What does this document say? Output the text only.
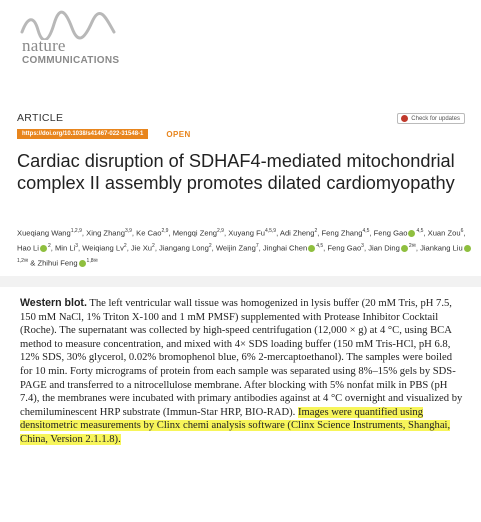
nature
COMMUNICATIONS
ARTICLE	Check for updates
https://doi.org/10.1038/s41467-022-31548-1	OPEN
Cardiac disruption of SDHAF4-mediated mitochondrial complex II assembly promotes dilated cardiomyopathy
Xueqiang Wang$^{1,2,9}$, Xing Zhang$^{3,9}$, Ke Cao$^{2,9}$, Mengqi Zeng$^{2,9}$, Xuyang Fu$^{4,5,9}$, Adi Zheng$^2$, Feng Zhang$^{4,5}$, Feng Gao $^{4,5}$, Xuan Zou$^6$, Hao Li $^2$, Min Li$^3$, Weiqiang Lv$^2$, Jie Xu$^2$, Jiangang Long$^2$, Weijin Zang$^7$, Jinghai Chen $^{4,5}$, Feng Gao$^3$, Jian Ding $^{2✉}$, Jiankang Liu$^{1,2✉}$ & Zhihui Feng $^{1,8✉}$

Western blot. The left ventricular wall tissue was homogenized in lysis buffer (20 mM Tris, pH 7.5, 150 mM NaCl, 1% Triton X-100 and 1 mM PMSF) supplemented with Protease Inhibitor Cocktail (Roche). The supernatant was collected by high-speed centrifugation (12,000 × g) at 4 °C, using BCA method to measure concentration, and mixed with 4× SDS loading buffer (150 mM Tris-HCl, pH 6.8, 12% SDS, 30% glycerol, 0.02% bromophenol blue, 6% 2-mercaptoethanol). The samples were boiled for 10 min. Forty micrograms of protein from each sample was separated using 8%–15% gels by SDS-PAGE and transferred to a nitrocellulose membrane. After blocking with 5% nonfat milk in PBS (pH 7.4), the membranes were incubated with primary antibodies against at 4 °C overnight and visualized by chemiluminescent HRP substrate (Immun-Star HRP, BIO-RAD). Images were quantified using densitometric measurements by Clinx chemi analysis software (Clinx Science Instruments, Shanghai, China, Version 2.1.1.8).
